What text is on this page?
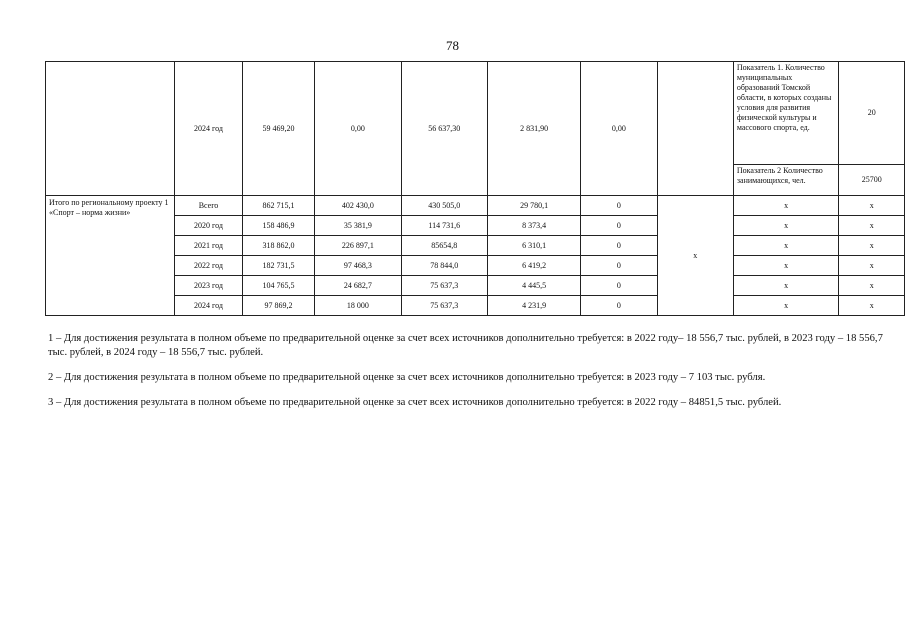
78
	2024 год	59 469,20	0,00	56 637,30	2 831,90	0,00		Показатель 1. Количество муниципальных образований Томской области, в которых созданы условия для развития физической культуры и массового спорта, ед.	20
								Показатель 2 Количество занимающихся, чел.	25700
Итого по региональному проекту 1 «Спорт – норма жизни»	Всего	862 715,1	402 430,0	430 505,0	29 780,1	0	x	x	x
	2020 год	158 486,9	35 381,9	114 731,6	8 373,4	0		x	x
	2021 год	318 862,0	226 897,1	85654,8	6 310,1	0		x	x
	2022 год	182 731,5	97 468,3	78 844,0	6 419,2	0		x	x
	2023 год	104 765,5	24 682,7	75 637,3	4 445,5	0		x	x
	2024 год	97 869,2	18 000	75 637,3	4 231,9	0		x	x

1 – Для достижения результата в полном объеме по предварительной оценке за счет всех источников дополнительно требуется: в 2022 году– 18 556,7 тыс. рублей, в 2023 году – 18 556,7 тыс. рублей, в 2024 году – 18 556,7 тыс. рублей.

2 – Для достижения результата в полном объеме по предварительной оценке за счет всех источников дополнительно требуется: в 2023 году – 7 103 тыс. рубля.

3 – Для достижения результата в полном объеме по предварительной оценке за счет всех источников дополнительно требуется: в 2022 году – 84851,5 тыс. рублей.
